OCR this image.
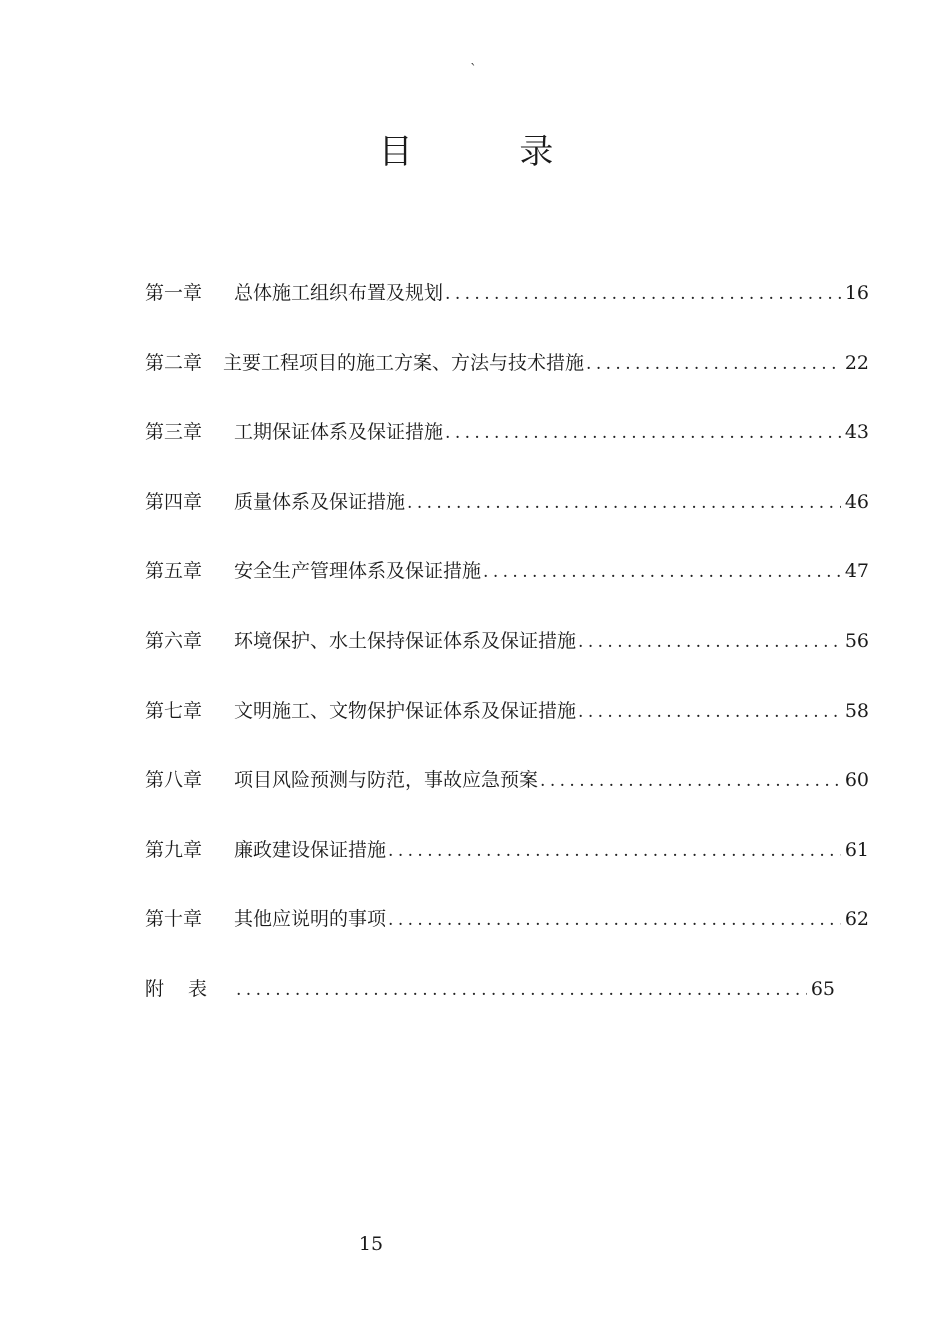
`
目 录
第一章	总体施工组织布置及规划 .....	16
第二章	主要工程项目的施工方案、方法与技术措施 .....	22
第三章	工期保证体系及保证措施 .....	43
第四章	质量体系及保证措施 .....	46
第五章	安全生产管理体系及保证措施 .....	47
第六章	环境保护、水土保持保证体系及保证措施 .....	56
第七章	文明施工、文物保护保证体系及保证措施 .....	58
第八章	项目风险预测与防范，事故应急预案 .....	60
第九章	廉政建设保证措施 .....	61
第十章	其他应说明的事项 .....	62
附表 .....	65
15
